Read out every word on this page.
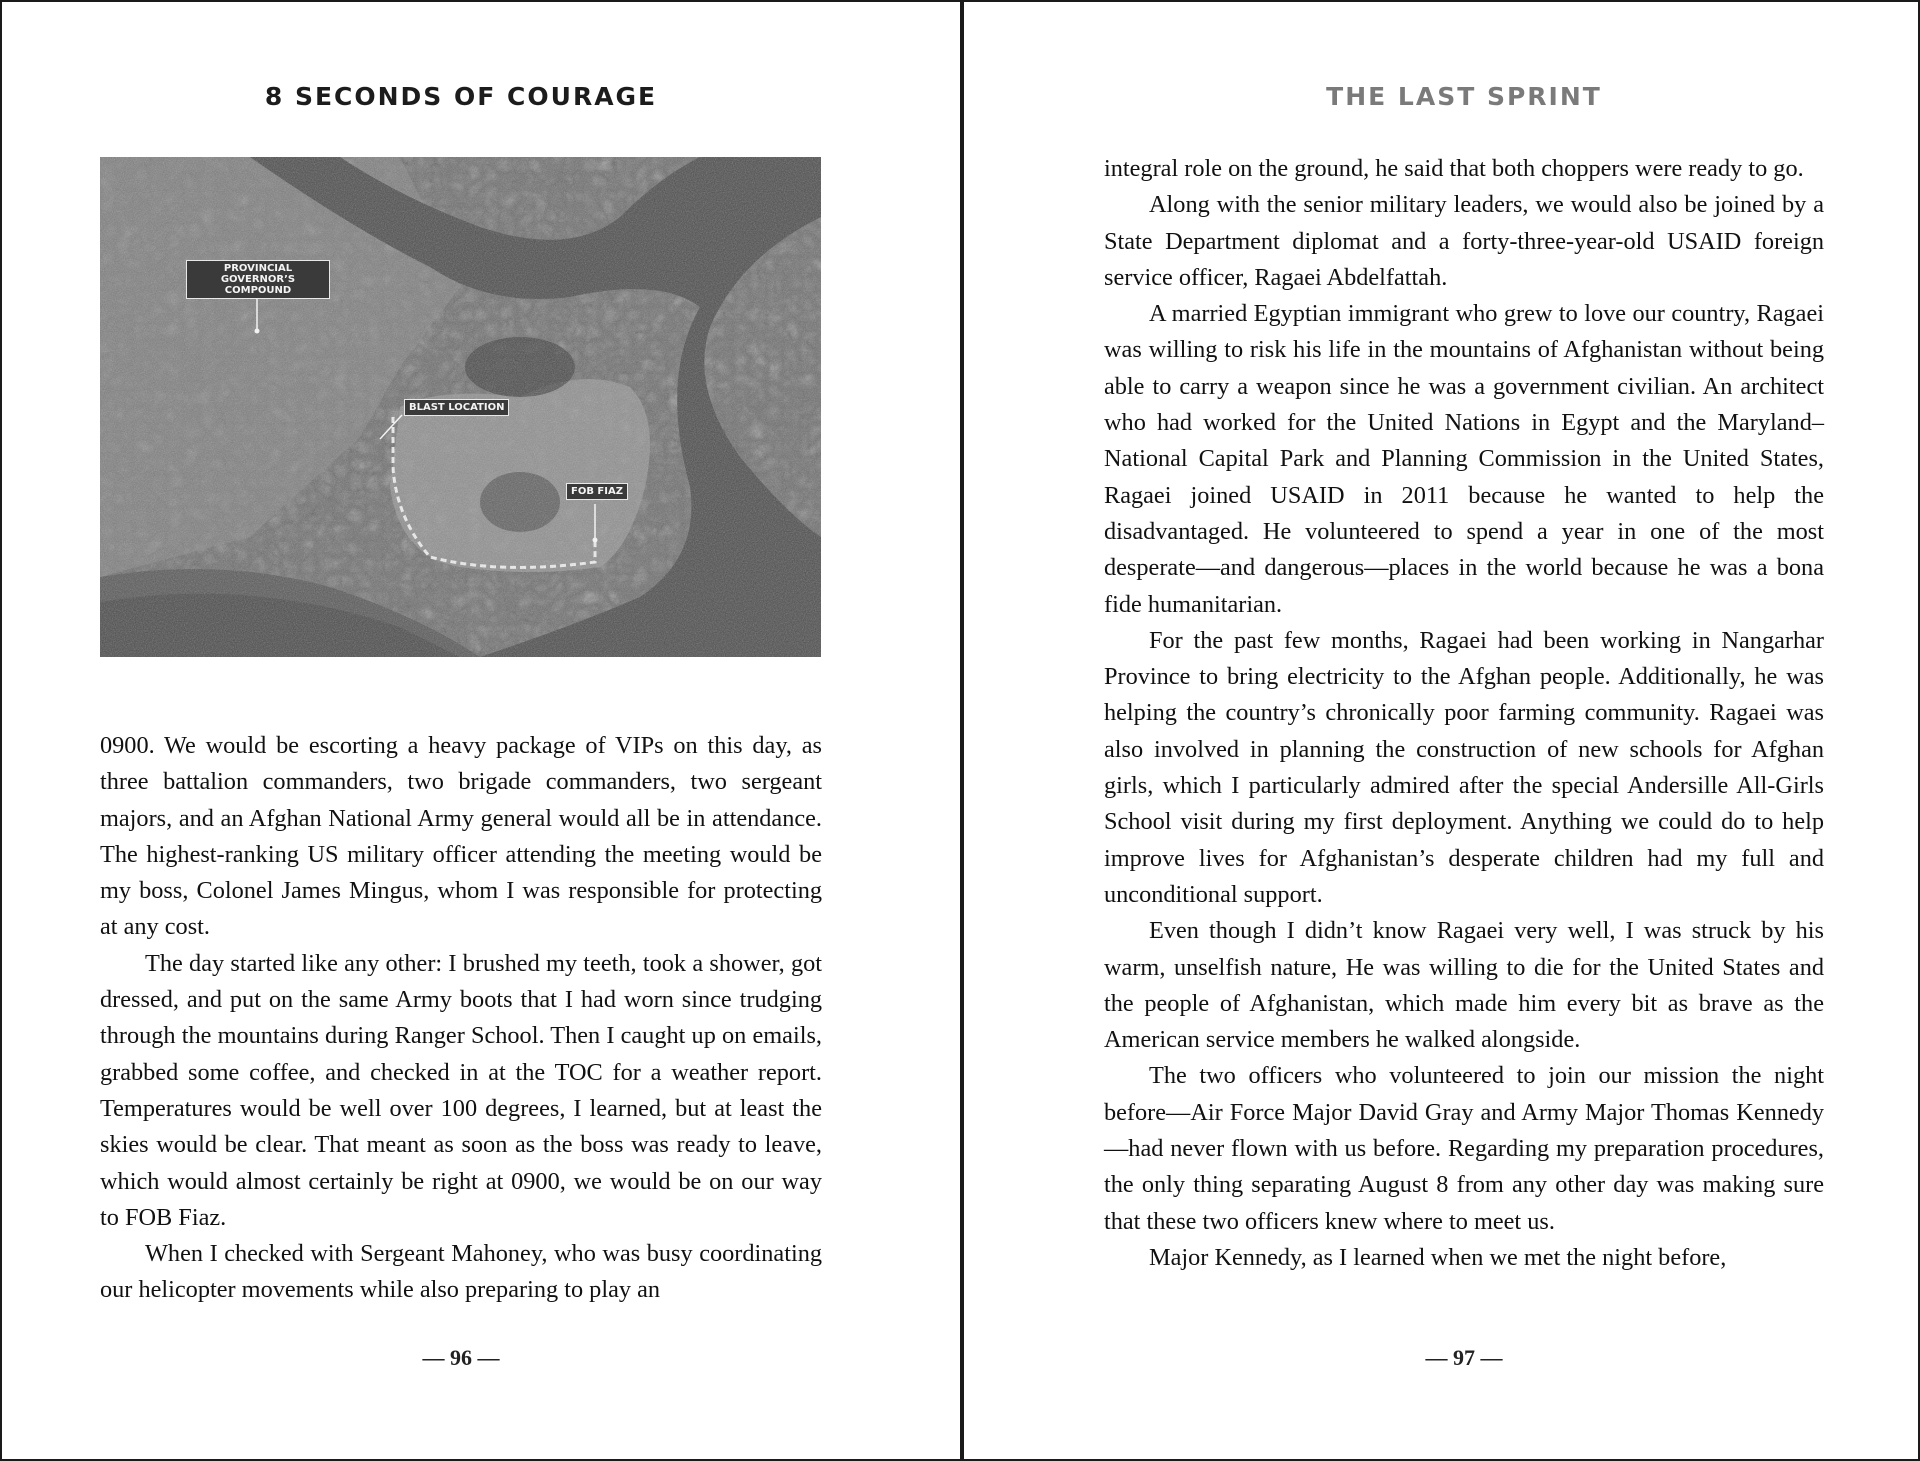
8 SECONDS OF COURAGE
PROVINCIAL GOVERNOR’S
COMPOUND
BLAST LOCATION
FOB FIAZ

0900. We would be escorting a heavy package of VIPs on this day, as three battalion commanders, two brigade commanders, two sergeant majors, and an Afghan National Army general would all be in attendance. The highest-ranking US military officer attending the meeting would be my boss, Colonel James Mingus, whom I was responsible for protecting at any cost.

The day started like any other: I brushed my teeth, took a shower, got dressed, and put on the same Army boots that I had worn since trudging through the mountains during Ranger School. Then I caught up on emails, grabbed some coffee, and checked in at the TOC for a weather report. Temperatures would be well over 100 degrees, I learned, but at least the skies would be clear. That meant as soon as the boss was ready to leave, which would almost certainly be right at 0900, we would be on our way to FOB Fiaz.

When I checked with Sergeant Mahoney, who was busy coordinating our helicopter movements while also preparing to play an

— 96 —
THE LAST SPRINT

integral role on the ground, he said that both choppers were ready to go.

Along with the senior military leaders, we would also be joined by a State Department diplomat and a forty-three-year-old USAID foreign service officer, Ragaei Abdelfattah.

A married Egyptian immigrant who grew to love our country, Ragaei was willing to risk his life in the mountains of Afghanistan without being able to carry a weapon since he was a government civilian. An architect who had worked for the United Nations in Egypt and the Maryland–National Capital Park and Planning Commission in the United States, Ragaei joined USAID in 2011 because he wanted to help the disadvantaged. He volunteered to spend a year in one of the most desperate—and dangerous—places in the world because he was a bona fide humanitarian.

For the past few months, Ragaei had been working in Nangarhar Province to bring electricity to the Afghan people. Additionally, he was helping the country’s chronically poor farming community. Ragaei was also involved in planning the construction of new schools for Afghan girls, which I particularly admired after the special Andersille All-Girls School visit during my first deployment. Anything we could do to help improve lives for Afghanistan’s desperate children had my full and unconditional support.

Even though I didn’t know Ragaei very well, I was struck by his warm, unselfish nature, He was willing to die for the United States and the people of Afghanistan, which made him every bit as brave as the American service members he walked alongside.

The two officers who volunteered to join our mission the night before—Air Force Major David Gray and Army Major Thomas Kennedy—had never flown with us before. Regarding my preparation procedures, the only thing separating August 8 from any other day was making sure that these two officers knew where to meet us.

Major Kennedy, as I learned when we met the night before,

— 97 —
